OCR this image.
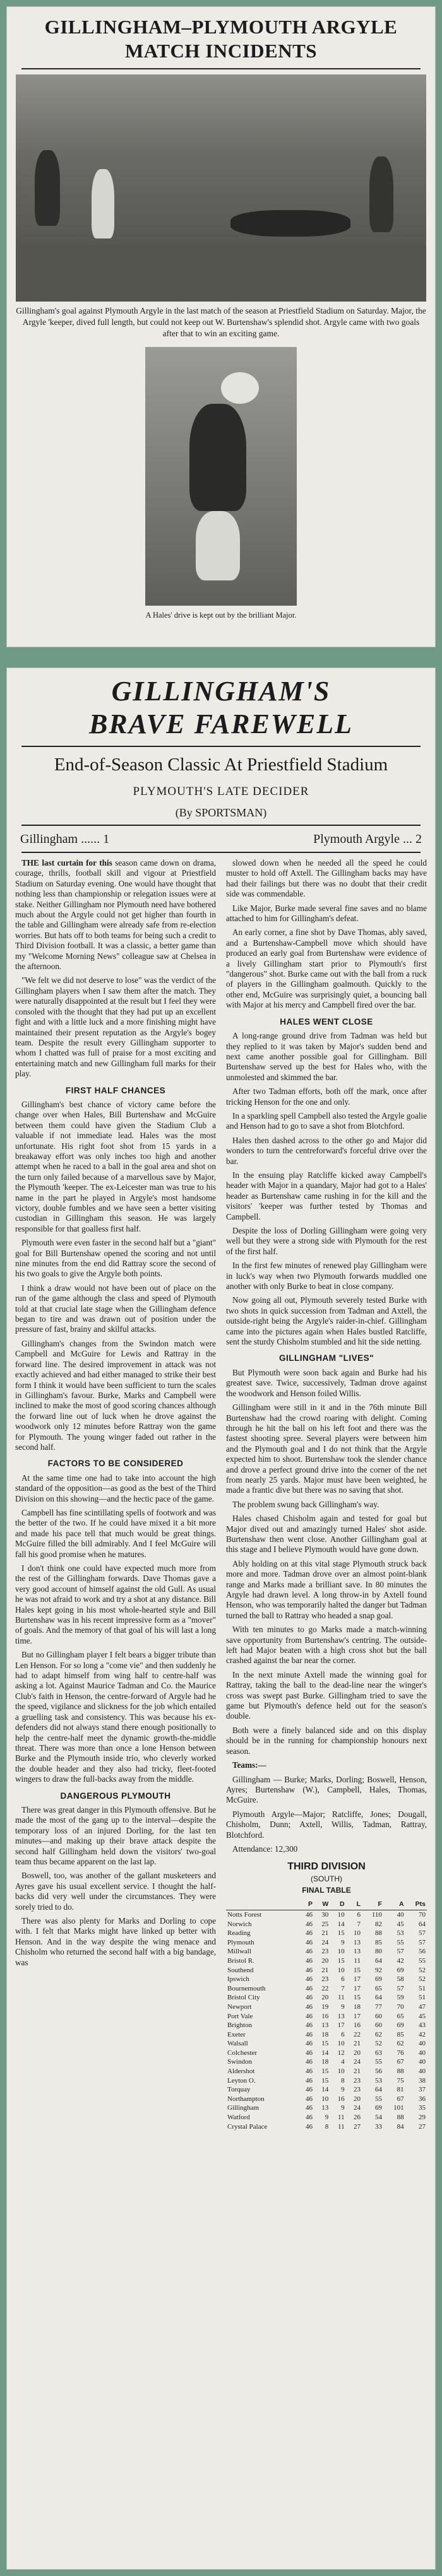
GILLINGHAM–PLYMOUTH ARGYLE MATCH INCIDENTS
Gillingham's goal against Plymouth Argyle in the last match of the season at Priestfield Stadium on Saturday. Major, the Argyle 'keeper, dived full length, but could not keep out W. Burtenshaw's splendid shot. Argyle came with two goals after that to win an exciting game.
A Hales' drive is kept out by the brilliant Major.
GILLINGHAM'S
BRAVE FAREWELL
End-of-Season Classic At Priestfield Stadium
PLYMOUTH'S LATE DECIDER
(By SPORTSMAN)
Gillingham ...... 1	Plymouth Argyle ... 2

THE last curtain for this season came down on drama, courage, thrills, football skill and vigour at Priestfield Stadium on Saturday evening. One would have thought that nothing less than championship or relegation issues were at stake. Neither Gillingham nor Plymouth need have bothered much about the Argyle could not get higher than fourth in the table and Gillingham were already safe from re-election worries. But hats off to both teams for being such a credit to Third Division football. It was a classic, a better game than my "Welcome Morning News" colleague saw at Chelsea in the afternoon.

"We felt we did not deserve to lose" was the verdict of the Gillingham players when I saw them after the match. They were naturally disappointed at the result but I feel they were consoled with the thought that they had put up an excellent fight and with a little luck and a more finishing might have maintained their present reputation as the Argyle's bogey team. Despite the result every Gillingham supporter to whom I chatted was full of praise for a most exciting and entertaining match and new Gillingham full marks for their play.

FIRST HALF CHANCES

Gillingham's best chance of victory came before the change over when Hales, Bill Burtenshaw and McGuire between them could have given the Stadium Club a valuable if not immediate lead. Hales was the most unfortunate. His right foot shot from 15 yards in a breakaway effort was only inches too high and another attempt when he raced to a ball in the goal area and shot on the turn only failed because of a marvellous save by Major, the Plymouth 'keeper. The ex-Leicester man was true to his name in the part he played in Argyle's most handsome victory, double fumbles and we have seen a better visiting custodian in Gillingham this season. He was largely responsible for that goalless first half.

Plymouth were even faster in the second half but a "giant" goal for Bill Burtenshaw opened the scoring and not until nine minutes from the end did Rattray score the second of his two goals to give the Argyle both points.

I think a draw would not have been out of place on the run of the game although the class and speed of Plymouth told at that crucial late stage when the Gillingham defence began to tire and was drawn out of position under the pressure of fast, brainy and skilful attacks.

Gillingham's changes from the Swindon match were Campbell and McGuire for Lewis and Rattray in the forward line. The desired improvement in attack was not exactly achieved and had either managed to strike their best form I think it would have been sufficient to turn the scales in Gillingham's favour. Burke, Marks and Campbell were inclined to make the most of good scoring chances although the forward line out of luck when he drove against the woodwork only 12 minutes before Rattray won the game for Plymouth. The young winger faded out rather in the second half.

FACTORS TO BE CONSIDERED

At the same time one had to take into account the high standard of the opposition—as good as the best of the Third Division on this showing—and the hectic pace of the game.

Campbell has fine scintillating spells of footwork and was the better of the two. If he could have mixed it a bit more and made his pace tell that much would be great things. McGuire filled the bill admirably. And I feel McGuire will fall his good promise when he matures.

I don't think one could have expected much more from the rest of the Gillingham forwards. Dave Thomas gave a very good account of himself against the old Gull. As usual he was not afraid to work and try a shot at any distance. Bill Hales kept going in his most whole-hearted style and Bill Burtenshaw was in his recent impressive form as a "mover" of goals. And the memory of that goal of his will last a long time.

But no Gillingham player I felt bears a bigger tribute than Len Henson. For so long a "come vie" and then suddenly he had to adapt himself from wing half to centre-half was asking a lot. Against Maurice Tadman and Co. the Maurice Club's faith in Henson, the centre-forward of Argyle had he the speed, vigilance and slickness for the job which entailed a gruelling task and consistency. This was because his ex-defenders did not always stand there enough positionally to help the centre-half meet the dynamic growth-the-middle threat. There was more than once a lone Henson between Burke and the Plymouth inside trio, who cleverly worked the double header and they also had tricky, fleet-footed wingers to draw the full-backs away from the middle.

DANGEROUS PLYMOUTH

There was great danger in this Plymouth offensive. But he made the most of the gang up to the interval—despite the temporary loss of an injured Dorling, for the last ten minutes—and making up their brave attack despite the second half Gillingham held down the visitors' two-goal team thus became apparent on the last lap.

Boswell, too, was another of the gallant musketeers and Ayres gave his usual excellent service. I thought the half-backs did very well under the circumstances. They were sorely tried to do.

There was also plenty for Marks and Dorling to cope with. I felt that Marks might have linked up better with Henson. And in the way despite the wing menace and Chisholm who returned the second half with a big bandage, was

slowed down when he needed all the speed he could muster to hold off Axtell. The Gillingham backs may have had their failings but there was no doubt that their credit side was commendable.

Like Major, Burke made several fine saves and no blame attached to him for Gillingham's defeat.

An early corner, a fine shot by Dave Thomas, ably saved, and a Burtenshaw-Campbell move which should have produced an early goal from Burtenshaw were evidence of a lively Gillingham start prior to Plymouth's first "dangerous" shot. Burke came out with the ball from a ruck of players in the Gillingham goalmouth. Quickly to the other end, McGuire was surprisingly quiet, a bouncing ball with Major at his mercy and Campbell fired over the bar.

HALES WENT CLOSE

A long-range ground drive from Tadman was held but they replied to it was taken by Major's sudden bend and next came another possible goal for Gillingham. Bill Burtenshaw served up the best for Hales who, with the unmolested and skimmed the bar.

After two Tadman efforts, both off the mark, once after tricking Henson for the one and only.

In a sparkling spell Campbell also tested the Argyle goalie and Henson had to go to save a shot from Blotchford.

Hales then dashed across to the other go and Major did wonders to turn the centreforward's forceful drive over the bar.

In the ensuing play Ratcliffe kicked away Campbell's header with Major in a quandary, Major had got to a Hales' header as Burtenshaw came rushing in for the kill and the visitors' 'keeper was further tested by Thomas and Campbell.

Despite the loss of Dorling Gillingham were going very well but they were a strong side with Plymouth for the rest of the first half.

In the first few minutes of renewed play Gillingham were in luck's way when two Plymouth forwards muddled one another with only Burke to beat in close company.

Now going all out, Plymouth severely tested Burke with two shots in quick succession from Tadman and Axtell, the outside-right being the Argyle's raider-in-chief. Gillingham came into the pictures again when Hales bustled Ratcliffe, sent the sturdy Chisholm stumbled and hit the side netting.

GILLINGHAM "LIVES"

But Plymouth were soon back again and Burke had his greatest save. Twice, successively, Tadman drove against the woodwork and Henson foiled Willis.

Gillingham were still in it and in the 76th minute Bill Burtenshaw had the crowd roaring with delight. Coming through he hit the ball on his left foot and there was the fastest shooting spree. Several players were between him and the Plymouth goal and I do not think that the Argyle expected him to shoot. Burtenshaw took the slender chance and drove a perfect ground drive into the corner of the net from nearly 25 yards. Major must have been weighted, he made a frantic dive but there was no saving that shot.

The problem swung back Gillingham's way.

Hales chased Chisholm again and tested for goal but Major dived out and amazingly turned Hales' shot aside. Burtenshaw then went close. Another Gillingham goal at this stage and I believe Plymouth would have gone down.

Ably holding on at this vital stage Plymouth struck back more and more. Tadman drove over an almost point-blank range and Marks made a brilliant save. In 80 minutes the Argyle had drawn level. A long throw-in by Axtell found Henson, who was temporarily halted the danger but Tadman turned the ball to Rattray who headed a snap goal.

With ten minutes to go Marks made a match-winning save opportunity from Burtenshaw's centring. The outside-left had Major beaten with a high cross shot but the ball crashed against the bar near the corner.

In the next minute Axtell made the winning goal for Rattray, taking the ball to the dead-line near the winger's cross was swept past Burke. Gillingham tried to save the game but Plymouth's defence held out for the season's double.

Both were a finely balanced side and on this display should be in the running for championship honours next season.

Teams:—

Gillingham — Burke; Marks, Dorling; Boswell, Henson, Ayres; Burtenshaw (W.), Campbell, Hales, Thomas, McGuire.

Plymouth Argyle—Major; Ratcliffe, Jones; Dougall, Chisholm, Dunn; Axtell, Willis, Tadman, Rattray, Blotchford.

Attendance: 12,300

THIRD DIVISION
(SOUTH)
FINAL TABLE
	P	W	D	L	F	A	Pts
Notts Forest	46	30	10	6	110	40	70
Norwich	46	25	14	7	82	45	64
Reading	46	21	15	10	88	53	57
Plymouth	46	24	9	13	85	55	57
Millwall	46	23	10	13	80	57	56
Bristol R.	46	20	15	11	64	42	55
Southend	46	21	10	15	92	69	52
Ipswich	46	23	6	17	69	58	52
Bournemouth	46	22	7	17	65	57	51
Bristol City	46	20	11	15	64	59	51
Newport	46	19	9	18	77	70	47
Port Vale	46	16	13	17	60	65	45
Brighton	46	13	17	16	60	69	43
Exeter	46	18	6	22	62	85	42
Walsall	46	15	10	21	52	62	40
Colchester	46	14	12	20	63	76	40
Swindon	46	18	4	24	55	67	40
Aldershot	46	15	10	21	56	88	40
Leyton O.	46	15	8	23	53	75	38
Torquay	46	14	9	23	64	81	37
Northampton	46	10	16	20	55	67	36
Gillingham	46	13	9	24	69	101	35
Watford	46	9	11	26	54	88	29
Crystal Palace	46	8	11	27	33	84	27
